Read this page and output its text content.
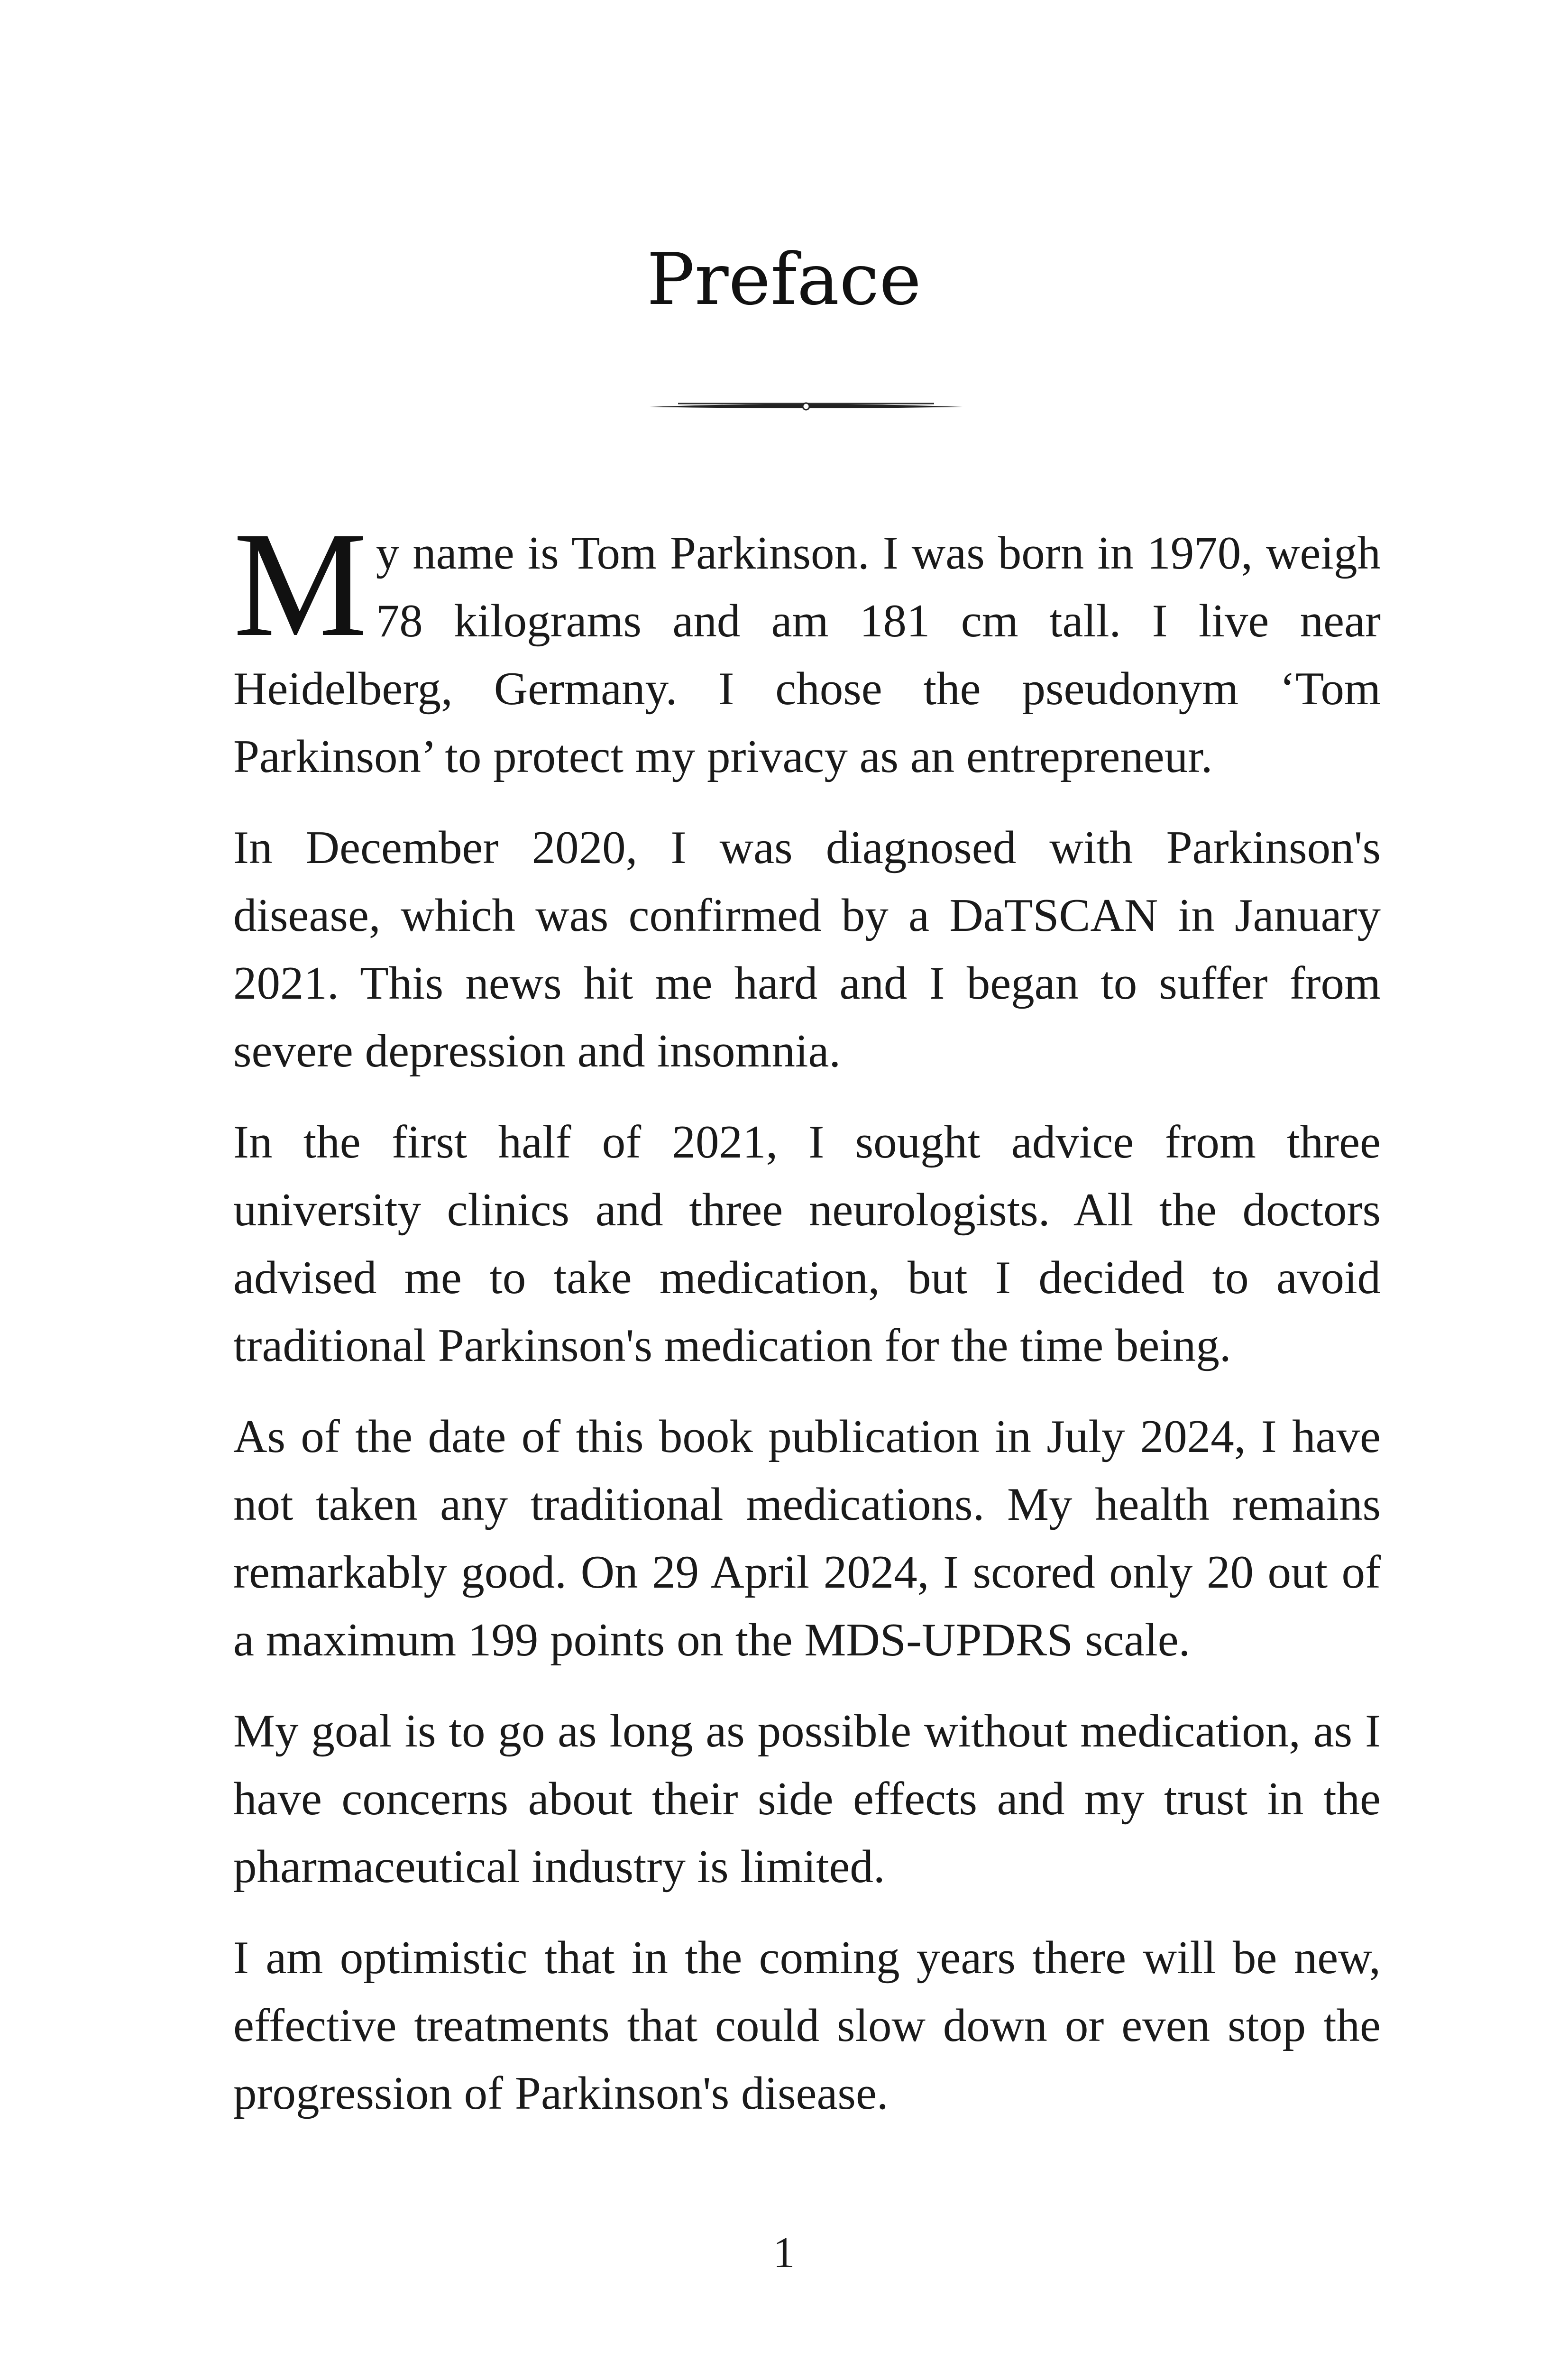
Preface

My name is Tom Parkinson. I was born in 1970, weigh 78 kilograms and am 181 cm tall. I live near Heidelberg, Germany. I chose the pseudonym ‘Tom Parkinson’ to protect my privacy as an entrepreneur.

In December 2020, I was diagnosed with Parkinson's disease, which was confirmed by a DaTSCAN in January 2021. This news hit me hard and I began to suffer from severe depression and insomnia.

In the first half of 2021, I sought advice from three university clinics and three neurologists. All the doctors advised me to take medication, but I decided to avoid traditional Parkinson's medication for the time being.

As of the date of this book publication in July 2024, I have not taken any traditional medications. My health remains remarkably good. On 29 April 2024, I scored only 20 out of a maximum 199 points on the MDS-UPDRS scale.

My goal is to go as long as possible without medication, as I have concerns about their side effects and my trust in the pharmaceutical industry is limited.

I am optimistic that in the coming years there will be new, effective treatments that could slow down or even stop the progression of Parkinson's disease.

1
